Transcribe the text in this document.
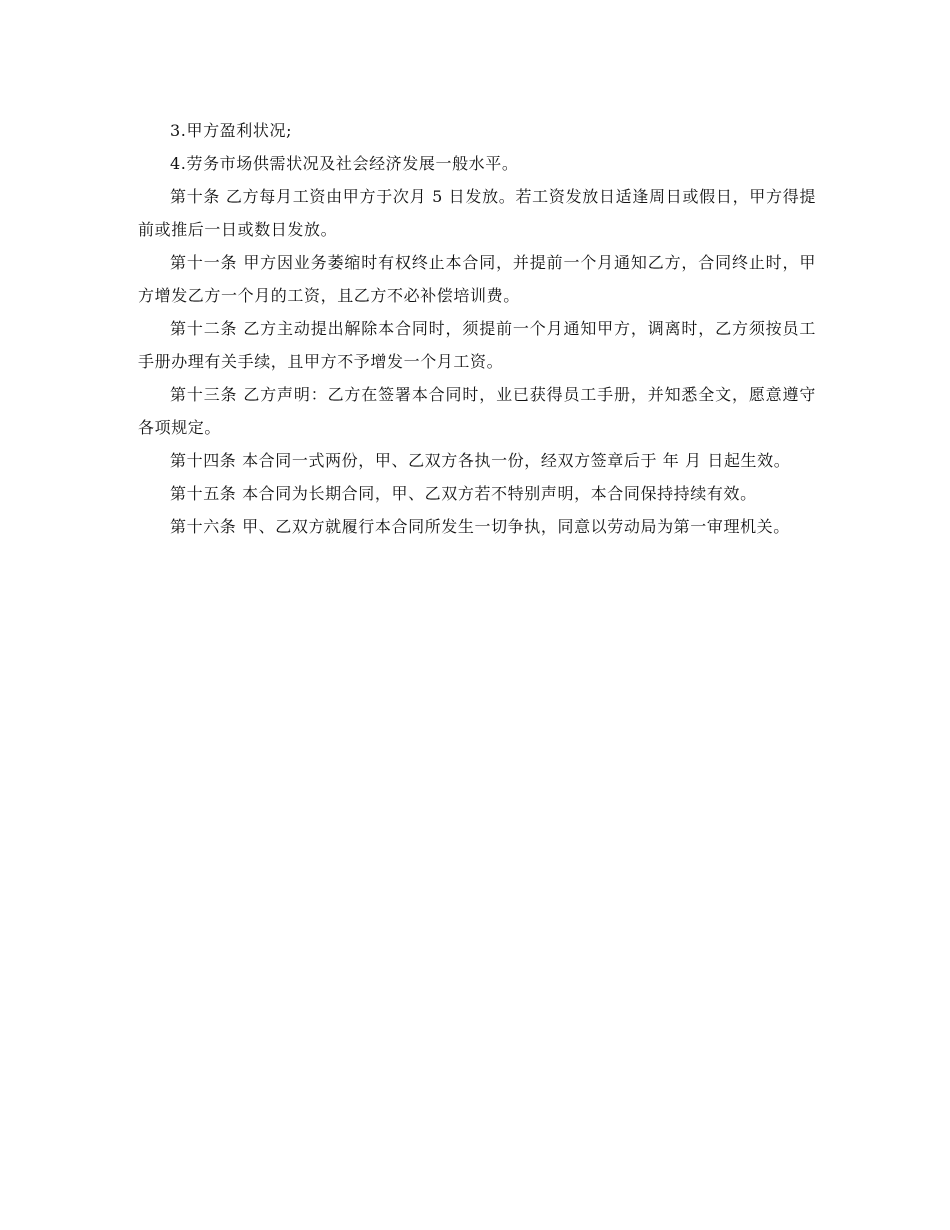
3.甲方盈利状况;

4.劳务市场供需状况及社会经济发展一般水平。

第十条 乙方每月工资由甲方于次月 5 日发放。若工资发放日适逢周日或假日，甲方得提前或推后一日或数日发放。

第十一条 甲方因业务萎缩时有权终止本合同，并提前一个月通知乙方，合同终止时，甲方增发乙方一个月的工资，且乙方不必补偿培训费。

第十二条 乙方主动提出解除本合同时，须提前一个月通知甲方，调离时，乙方须按员工手册办理有关手续，且甲方不予增发一个月工资。

第十三条 乙方声明：乙方在签署本合同时，业已获得员工手册，并知悉全文，愿意遵守各项规定。

第十四条 本合同一式两份，甲、乙双方各执一份，经双方签章后于 年 月 日起生效。

第十五条 本合同为长期合同，甲、乙双方若不特别声明，本合同保持持续有效。

第十六条 甲、乙双方就履行本合同所发生一切争执，同意以劳动局为第一审理机关。
